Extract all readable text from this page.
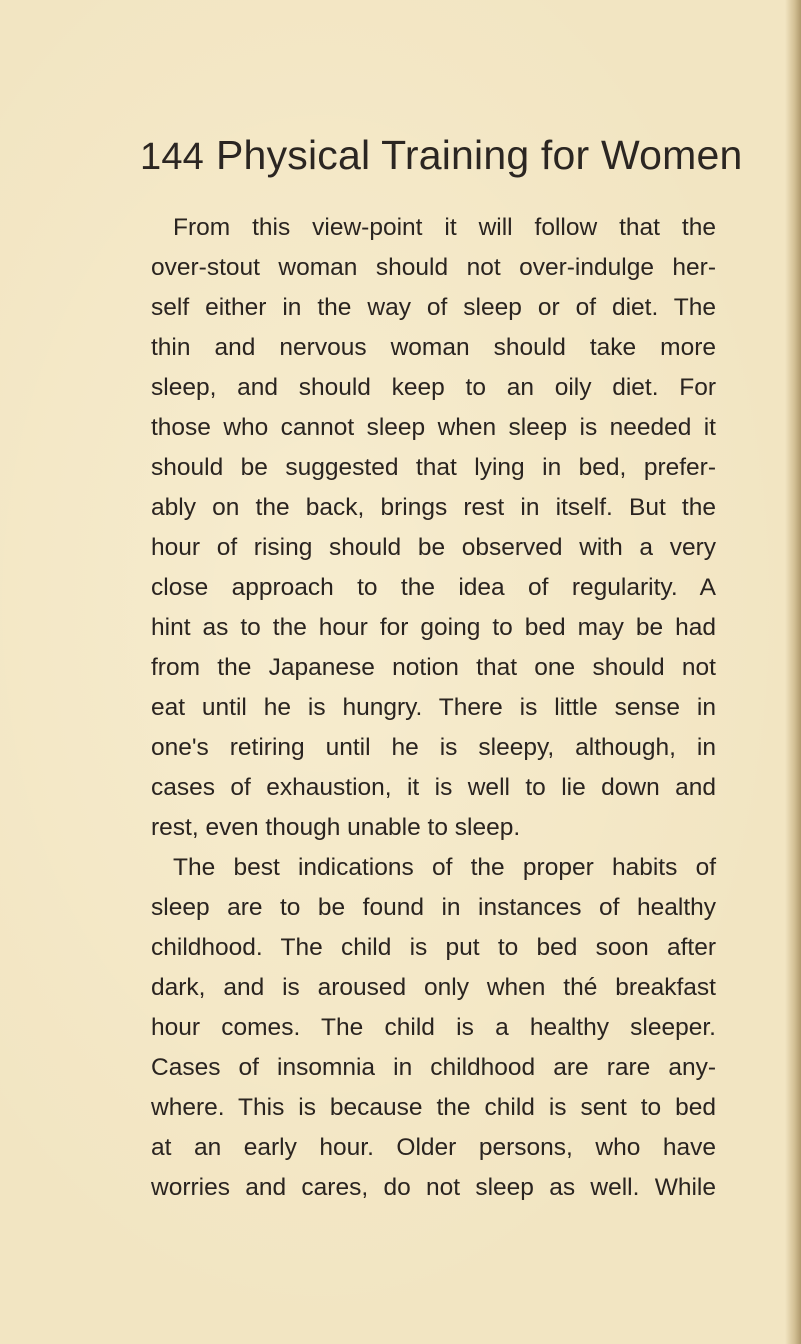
144 Physical Training for Women
From this view-point it will follow that the
over-stout woman should not over-indulge her-
self either in the way of sleep or of diet. The
thin and nervous woman should take more
sleep, and should keep to an oily diet. For
those who cannot sleep when sleep is needed it
should be suggested that lying in bed, prefer-
ably on the back, brings rest in itself. But the
hour of rising should be observed with a very
close approach to the idea of regularity. A
hint as to the hour for going to bed may be had
from the Japanese notion that one should not
eat until he is hungry. There is little sense in
one's retiring until he is sleepy, although, in
cases of exhaustion, it is well to lie down and
rest, even though unable to sleep.
The best indications of the proper habits of
sleep are to be found in instances of healthy
childhood. The child is put to bed soon after
dark, and is aroused only when thé breakfast
hour comes. The child is a healthy sleeper.
Cases of insomnia in childhood are rare any-
where. This is because the child is sent to bed
at an early hour. Older persons, who have
worries and cares, do not sleep as well. While
